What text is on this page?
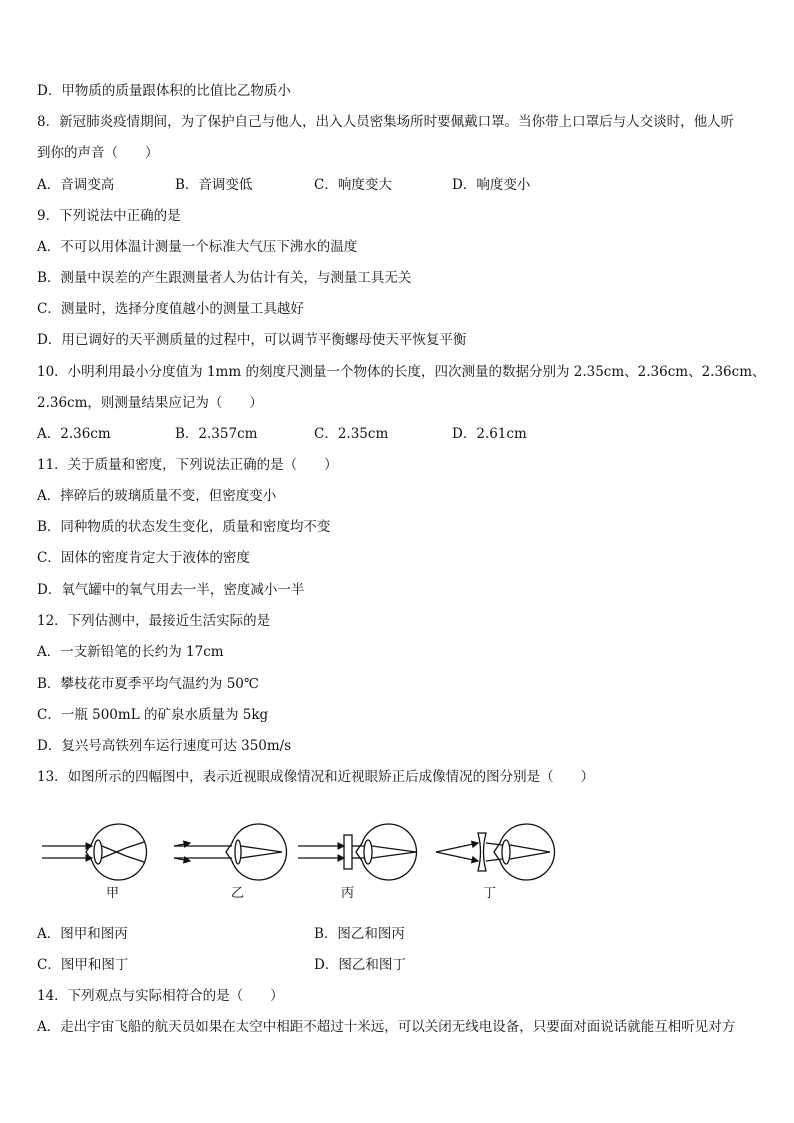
D．甲物质的质量跟体积的比值比乙物质小
8．新冠肺炎疫情期间，为了保护自己与他人，出入人员密集场所时要佩戴口罩。当你带上口罩后与人交谈时，他人听
到你的声音（　　）
A．音调变高	B．音调变低	C．响度变大	D．响度变小
9．下列说法中正确的是
A．不可以用体温计测量一个标准大气压下沸水的温度
B．测量中误差的产生跟测量者人为估计有关，与测量工具无关
C．测量时，选择分度值越小的测量工具越好
D．用已调好的天平测质量的过程中，可以调节平衡螺母使天平恢复平衡
10．小明利用最小分度值为 1mm 的刻度尺测量一个物体的长度，四次测量的数据分别为 2.35cm、2.36cm、2.36cm、
2.36cm，则测量结果应记为（　　）
A．2.36cm	B．2.357cm	C．2.35cm	D．2.61cm
11．关于质量和密度，下列说法正确的是（　　）
A．摔碎后的玻璃质量不变，但密度变小
B．同种物质的状态发生变化，质量和密度均不变
C．固体的密度肯定大于液体的密度
D．氧气罐中的氧气用去一半，密度减小一半
12．下列估测中，最接近生活实际的是
A．一支新铅笔的长约为 17cm
B．攀枝花市夏季平均气温约为 50℃
C．一瓶 500mL 的矿泉水质量为 5kg
D．复兴号高铁列车运行速度可达 350m/s
13．如图所示的四幅图中，表示近视眼成像情况和近视眼矫正后成像情况的图分别是（　　）
甲	乙	丙	丁
A．图甲和图丙	B．图乙和图丙
C．图甲和图丁	D．图乙和图丁
14．下列观点与实际相符合的是（　　）
A．走出宇宙飞船的航天员如果在太空中相距不超过十米远，可以关闭无线电设备，只要面对面说话就能互相听见对方
